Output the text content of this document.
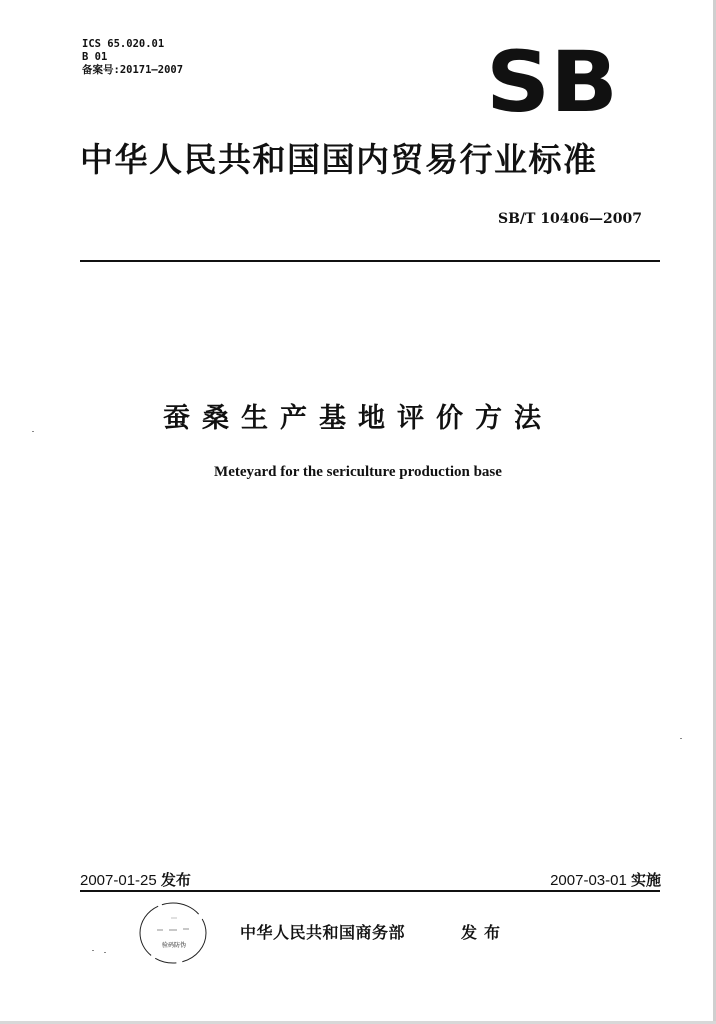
ICS 65.020.01
B 01
备案号:20171—2007	SB
中华人民共和国国内贸易行业标准
SB/T 10406—2007
蚕桑生产基地评价方法
Meteyard for the sericulture production base
2007-01-25 发布	2007-03-01 实施
验码防伪
中华人民共和国商务部	发布
